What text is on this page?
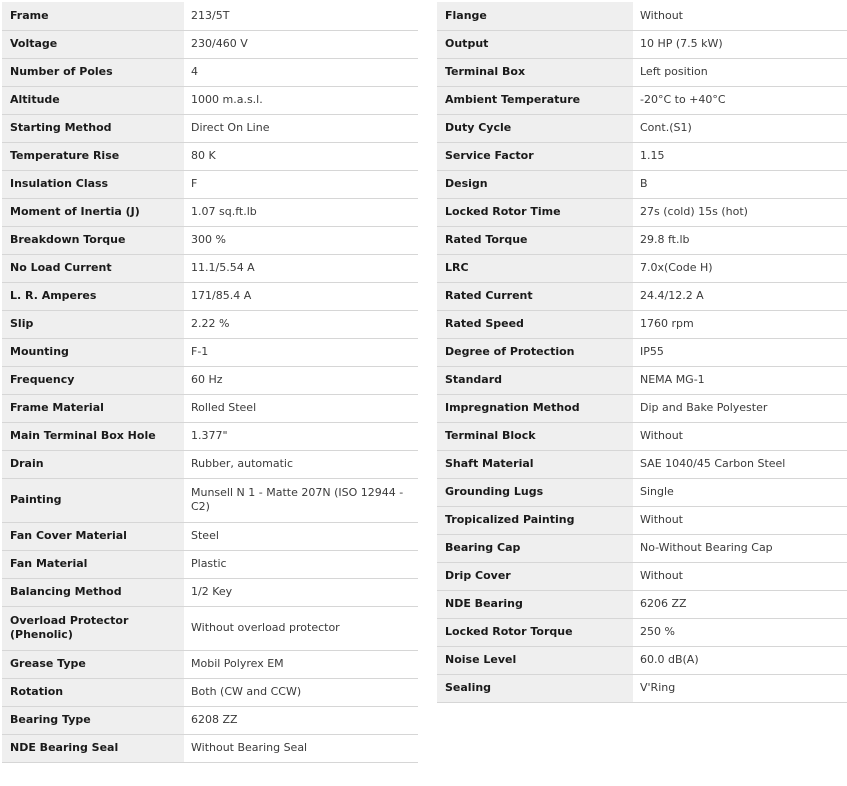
Frame	213/5T
Voltage	230/460 V
Number of Poles	4
Altitude	1000 m.a.s.l.
Starting Method	Direct On Line
Temperature Rise	80 K
Insulation Class	F
Moment of Inertia (J)	1.07 sq.ft.lb
Breakdown Torque	300 %
No Load Current	11.1/5.54 A
L. R. Amperes	171/85.4 A
Slip	2.22 %
Mounting	F-1
Frequency	60 Hz
Frame Material	Rolled Steel
Main Terminal Box Hole	1.377"
Drain	Rubber, automatic
Painting	Munsell N 1 - Matte 207N (ISO 12944 - C2)
Fan Cover Material	Steel
Fan Material	Plastic
Balancing Method	1/2 Key
Overload Protector (Phenolic)	Without overload protector
Grease Type	Mobil Polyrex EM
Rotation	Both (CW and CCW)
Bearing Type	6208 ZZ
NDE Bearing Seal	Without Bearing Seal
Flange	Without
Output	10 HP (7.5 kW)
Terminal Box	Left position
Ambient Temperature	-20°C to +40°C
Duty Cycle	Cont.(S1)
Service Factor	1.15
Design	B
Locked Rotor Time	27s (cold) 15s (hot)
Rated Torque	29.8 ft.lb
LRC	7.0x(Code H)
Rated Current	24.4/12.2 A
Rated Speed	1760 rpm
Degree of Protection	IP55
Standard	NEMA MG-1
Impregnation Method	Dip and Bake Polyester
Terminal Block	Without
Shaft Material	SAE 1040/45 Carbon Steel
Grounding Lugs	Single
Tropicalized Painting	Without
Bearing Cap	No-Without Bearing Cap
Drip Cover	Without
NDE Bearing	6206 ZZ
Locked Rotor Torque	250 %
Noise Level	60.0 dB(A)
Sealing	V'Ring
